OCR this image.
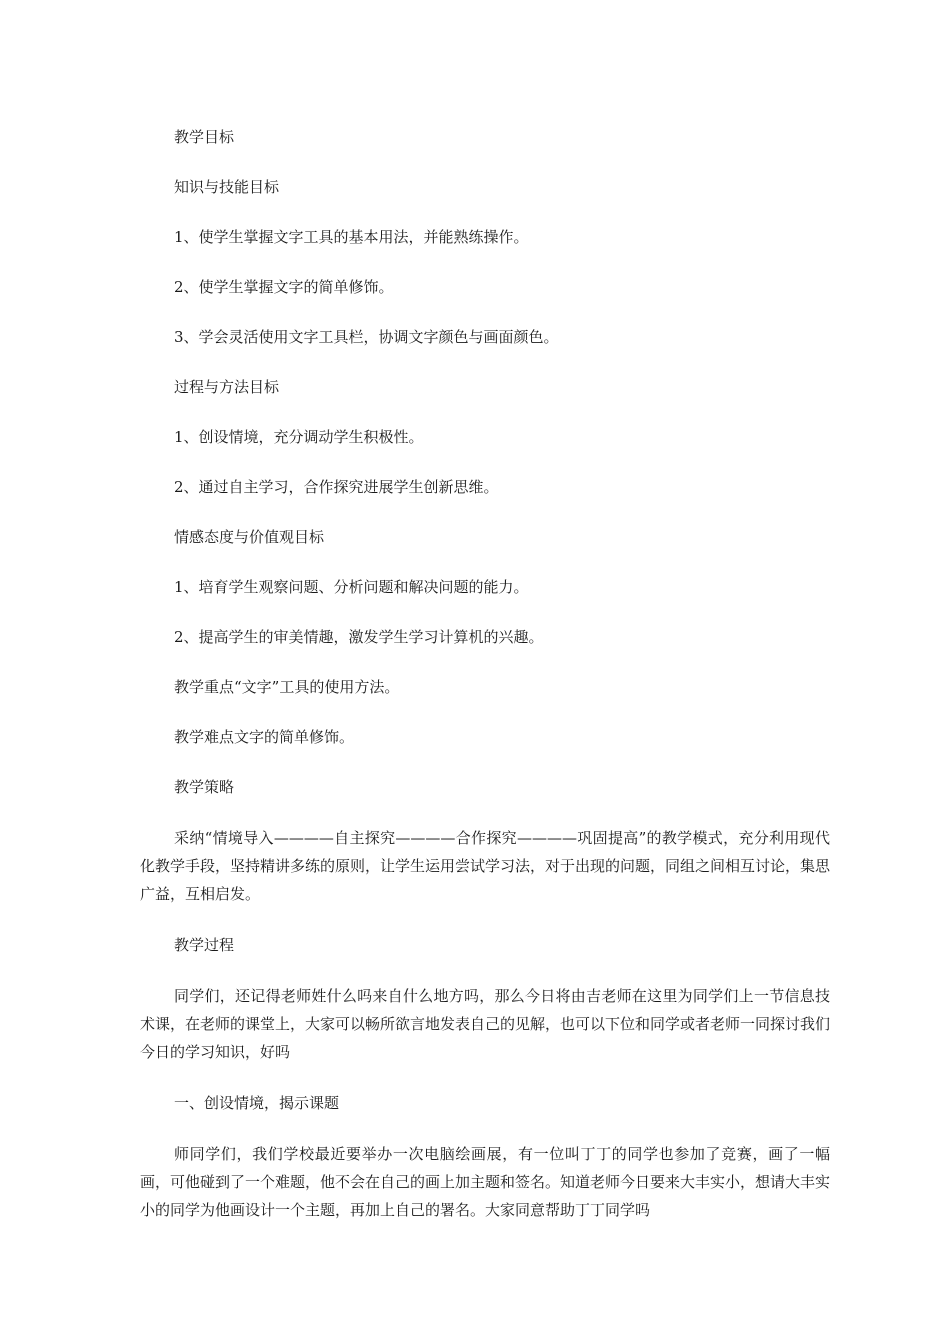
教学目标

知识与技能目标

1、使学生掌握文字工具的基本用法，并能熟练操作。

2、使学生掌握文字的简单修饰。

3、学会灵活使用文字工具栏，协调文字颜色与画面颜色。

过程与方法目标

1、创设情境，充分调动学生积极性。

2、通过自主学习，合作探究进展学生创新思维。

情感态度与价值观目标

1、培育学生观察问题、分析问题和解决问题的能力。

2、提高学生的审美情趣，激发学生学习计算机的兴趣。

教学重点“文字”工具的使用方法。

教学难点文字的简单修饰。

教学策略

采纳“情境导入————自主探究————合作探究————巩固提高”的教学模式，充分利用现代化教学手段，坚持精讲多练的原则，让学生运用尝试学习法，对于出现的问题，同组之间相互讨论，集思广益，互相启发。

教学过程

同学们，还记得老师姓什么吗来自什么地方吗，那么今日将由吉老师在这里为同学们上一节信息技术课，在老师的课堂上，大家可以畅所欲言地发表自己的见解，也可以下位和同学或者老师一同探讨我们今日的学习知识，好吗

一、创设情境，揭示课题

师同学们，我们学校最近要举办一次电脑绘画展，有一位叫丁丁的同学也参加了竞赛，画了一幅画，可他碰到了一个难题，他不会在自己的画上加主题和签名。知道老师今日要来大丰实小，想请大丰实小的同学为他画设计一个主题，再加上自己的署名。大家同意帮助丁丁同学吗
